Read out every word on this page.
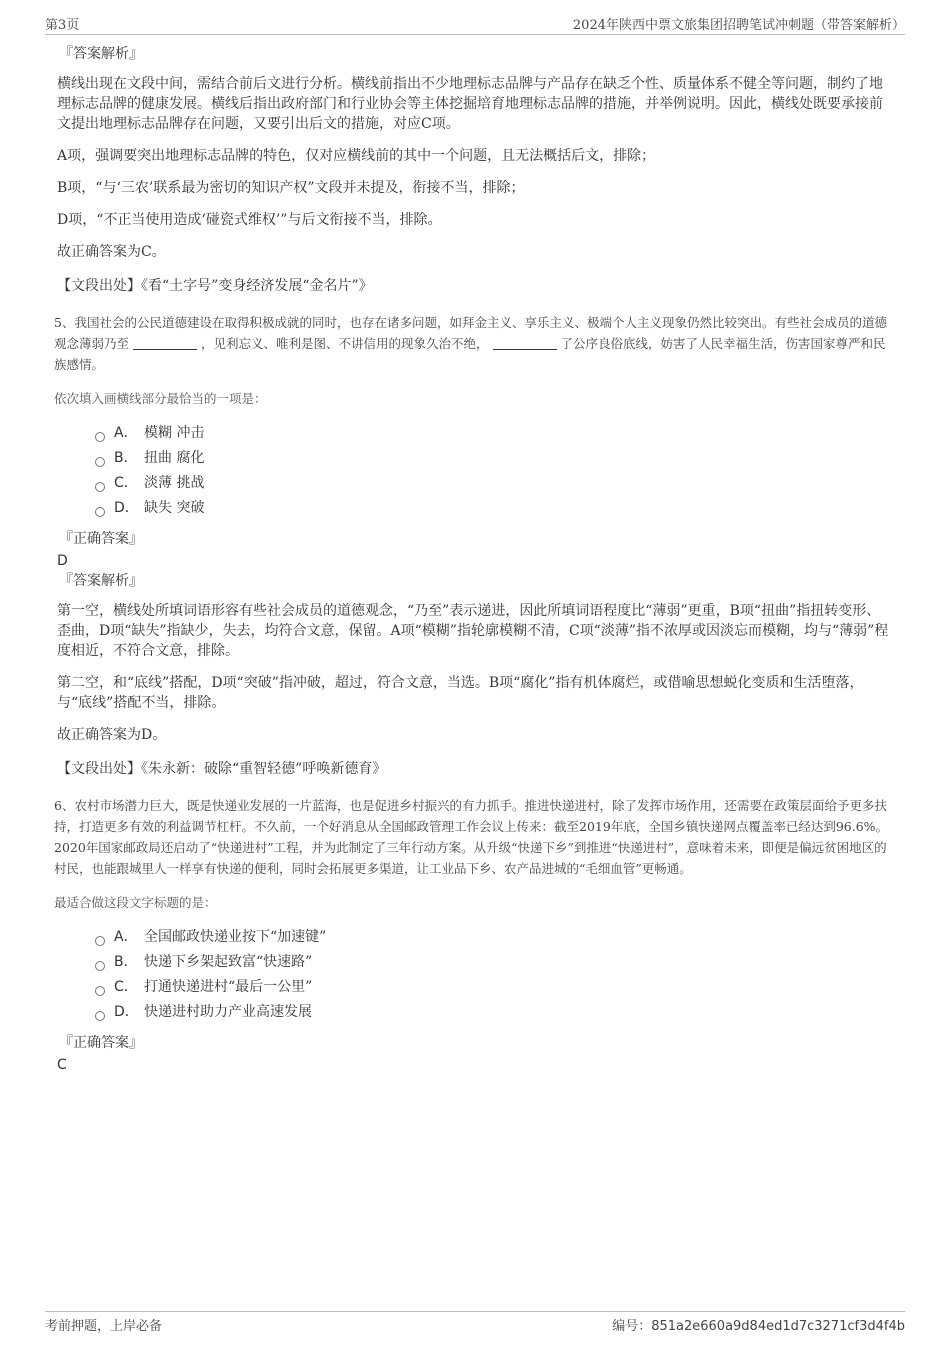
第3页	2024年陕西中票文旅集团招聘笔试冲刺题（带答案解析）
『答案解析』

横线出现在文段中间，需结合前后文进行分析。横线前指出不少地理标志品牌与产品存在缺乏个性、质量体系不健全等问题，制约了地理标志品牌的健康发展。横线后指出政府部门和行业协会等主体挖掘培育地理标志品牌的措施，并举例说明。因此，横线处既要承接前文提出地理标志品牌存在问题，又要引出后文的措施，对应C项。

A项，强调要突出地理标志品牌的特色，仅对应横线前的其中一个问题，且无法概括后文，排除；

B项，“与‘三农’联系最为密切的知识产权”文段并未提及，衔接不当，排除；

D项，“不正当使用造成‘碰瓷式维权’”与后文衔接不当，排除。

故正确答案为C。

【文段出处】《看“土字号”变身经济发展“金名片”》

5、我国社会的公民道德建设在取得积极成就的同时，也存在诸多问题，如拜金主义、享乐主义、极端个人主义现象仍然比较突出。有些社会成员的道德观念薄弱乃至	，见利忘义、唯利是图、不讲信用的现象久治不绝，	了公序良俗底线，妨害了人民幸福生活，伤害国家尊严和民族感情。

依次填入画横线部分最恰当的一项是：

A． 模糊 冲击
B． 扭曲 腐化
C． 淡薄 挑战
D． 缺失 突破
『正确答案』

D

『答案解析』

第一空，横线处所填词语形容有些社会成员的道德观念，“乃至”表示递进，因此所填词语程度比“薄弱”更重，B项“扭曲”指扭转变形、歪曲，D项“缺失”指缺少，失去，均符合文意，保留。A项“模糊”指轮廓模糊不清，C项“淡薄”指不浓厚或因淡忘而模糊，均与“薄弱”程度相近，不符合文意，排除。

第二空，和“底线”搭配，D项“突破”指冲破，超过，符合文意，当选。B项“腐化”指有机体腐烂，或借喻思想蜕化变质和生活堕落，与“底线”搭配不当，排除。

故正确答案为D。

【文段出处】《朱永新：破除“重智轻德”呼唤新德育》

6、农村市场潜力巨大，既是快递业发展的一片蓝海，也是促进乡村振兴的有力抓手。推进快递进村，除了发挥市场作用，还需要在政策层面给予更多扶持，打造更多有效的利益调节杠杆。不久前，一个好消息从全国邮政管理工作会议上传来：截至2019年底，全国乡镇快递网点覆盖率已经达到96.6%。2020年国家邮政局还启动了“快递进村”工程，并为此制定了三年行动方案。从升级“快递下乡”到推进“快递进村”，意味着未来，即便是偏远贫困地区的村民，也能跟城里人一样享有快递的便利，同时会拓展更多渠道，让工业品下乡、农产品进城的“毛细血管”更畅通。

最适合做这段文字标题的是：

A． 全国邮政快递业按下“加速键”
B． 快递下乡架起致富“快速路”
C． 打通快递进村“最后一公里”
D． 快递进村助力产业高速发展
『正确答案』

C

考前押题，上岸必备	编号：851a2e660a9d84ed1d7c3271cf3d4f4b
